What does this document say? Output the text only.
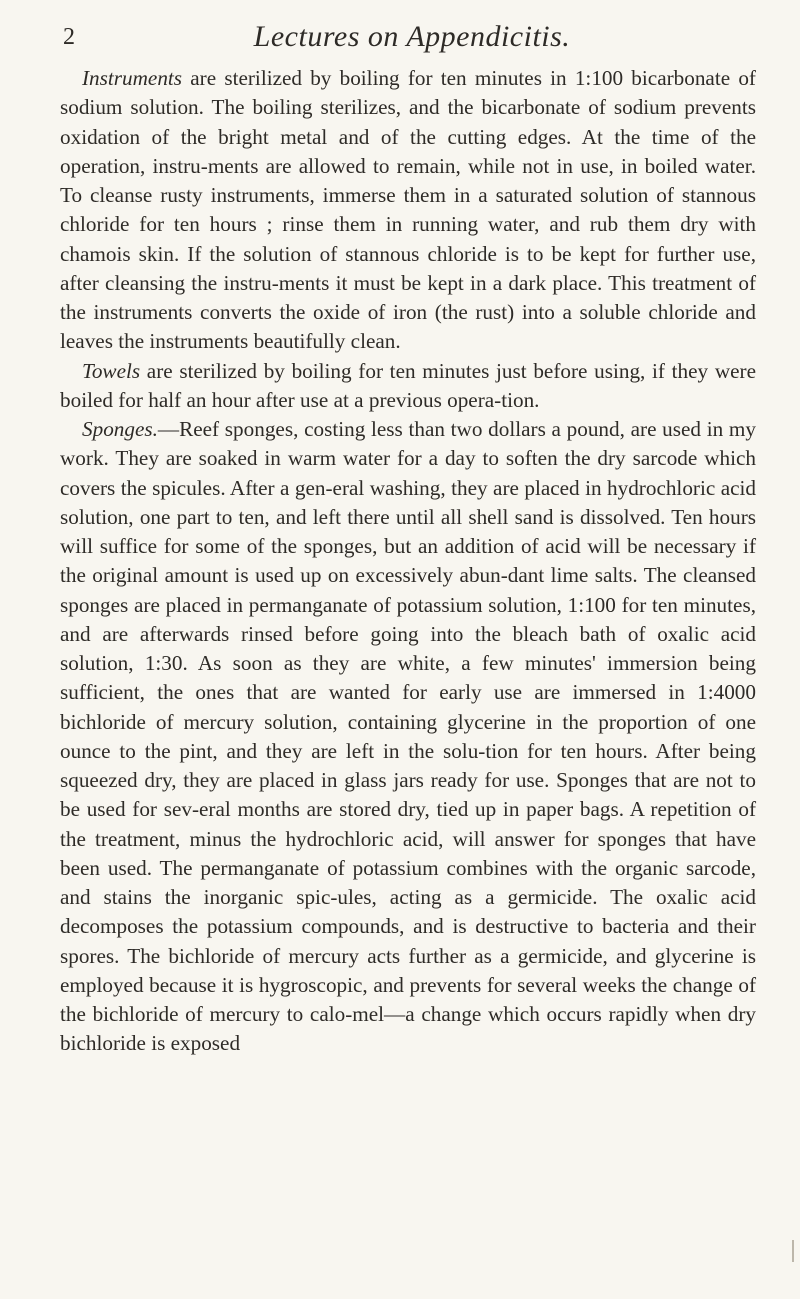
2	Lectures on Appendicitis.

Instruments are sterilized by boiling for ten minutes in 1:100 bicarbonate of sodium solution. The boiling sterilizes, and the bicarbonate of sodium prevents oxidation of the bright metal and of the cutting edges. At the time of the operation, instru-ments are allowed to remain, while not in use, in boiled water. To cleanse rusty instruments, immerse them in a saturated solution of stannous chloride for ten hours ; rinse them in running water, and rub them dry with chamois skin. If the solution of stannous chloride is to be kept for further use, after cleansing the instru-ments it must be kept in a dark place. This treatment of the instruments converts the oxide of iron (the rust) into a soluble chloride and leaves the instruments beautifully clean.

Towels are sterilized by boiling for ten minutes just before using, if they were boiled for half an hour after use at a previous opera-tion.

Sponges.—Reef sponges, costing less than two dollars a pound, are used in my work. They are soaked in warm water for a day to soften the dry sarcode which covers the spicules. After a gen-eral washing, they are placed in hydrochloric acid solution, one part to ten, and left there until all shell sand is dissolved. Ten hours will suffice for some of the sponges, but an addition of acid will be necessary if the original amount is used up on excessively abun-dant lime salts. The cleansed sponges are placed in permanganate of potassium solution, 1:100 for ten minutes, and are afterwards rinsed before going into the bleach bath of oxalic acid solution, 1:30. As soon as they are white, a few minutes' immersion being sufficient, the ones that are wanted for early use are immersed in 1:4000 bichloride of mercury solution, containing glycerine in the proportion of one ounce to the pint, and they are left in the solu-tion for ten hours. After being squeezed dry, they are placed in glass jars ready for use. Sponges that are not to be used for sev-eral months are stored dry, tied up in paper bags. A repetition of the treatment, minus the hydrochloric acid, will answer for sponges that have been used. The permanganate of potassium combines with the organic sarcode, and stains the inorganic spic-ules, acting as a germicide. The oxalic acid decomposes the potassium compounds, and is destructive to bacteria and their spores. The bichloride of mercury acts further as a germicide, and glycerine is employed because it is hygroscopic, and prevents for several weeks the change of the bichloride of mercury to calo-mel—a change which occurs rapidly when dry bichloride is exposed
